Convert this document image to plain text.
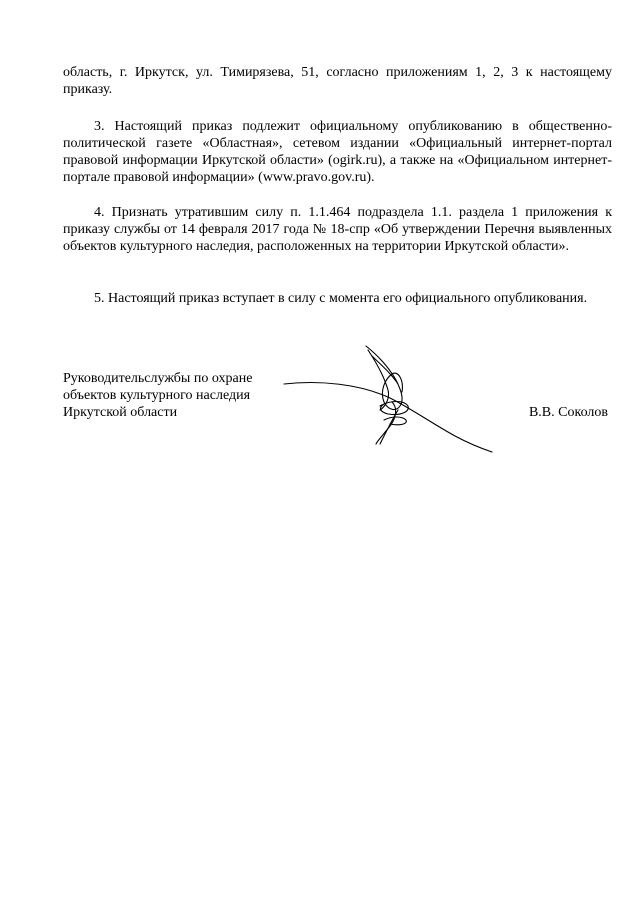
область, г. Иркутск, ул. Тимирязева, 51, согласно приложениям 1, 2, 3 к настоящему приказу.

3. Настоящий приказ подлежит официальному опубликованию в общественно-политической газете «Областная», сетевом издании «Официальный интернет-портал правовой информации Иркутской области» (ogirk.ru), а также на «Официальном интернет-портале правовой информации» (www.pravo.gov.ru).

4. Признать утратившим силу п. 1.1.464 подраздела 1.1. раздела 1 приложения к приказу службы от 14 февраля 2017 года № 18-спр «Об утверждении Перечня выявленных объектов культурного наследия, расположенных на территории Иркутской области».

5. Настоящий приказ вступает в силу с момента его официального опубликования.

Руководительслужбы по охране
объектов культурного наследия
Иркутской области	В.В. Соколов
